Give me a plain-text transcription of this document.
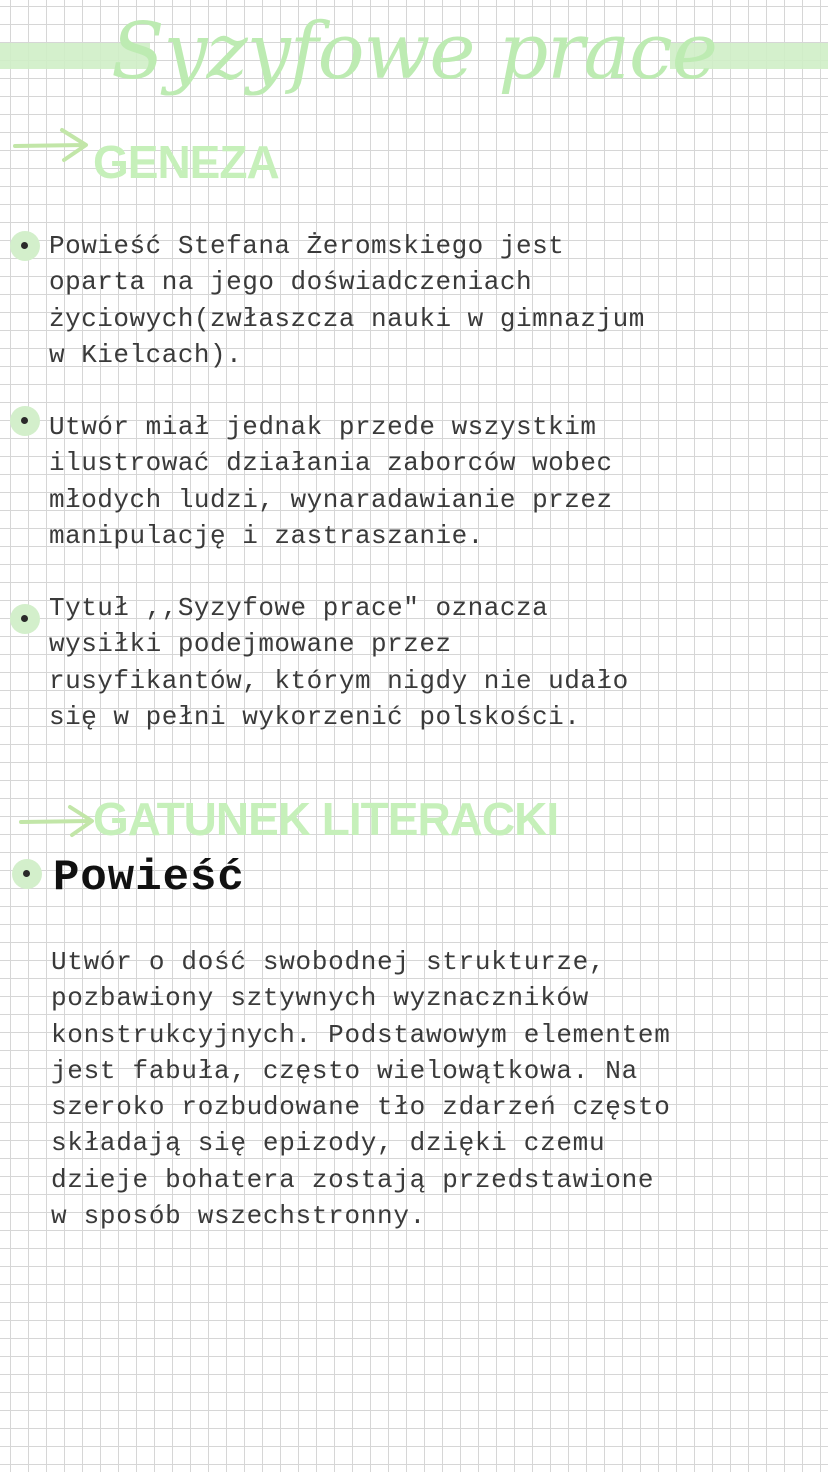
Syzyfowe prace
GENEZA

Powieść Stefana Żeromskiego jest
oparta na jego doświadczeniach
życiowych(zwłaszcza nauki w gimnazjum
w Kielcach).

Utwór miał jednak przede wszystkim
ilustrować działania zaborców wobec
młodych ludzi, wynaradawianie przez
manipulację i zastraszanie.

Tytuł ,,Syzyfowe prace" oznacza
wysiłki podejmowane przez
rusyfikantów, którym nigdy nie udało
się w pełni wykorzenić polskości.

GATUNEK LITERACKI

Powieść

Utwór o dość swobodnej strukturze,
pozbawiony sztywnych wyznaczników
konstrukcyjnych. Podstawowym elementem
jest fabuła, często wielowątkowa. Na
szeroko rozbudowane tło zdarzeń często
składają się epizody, dzięki czemu
dzieje bohatera zostają przedstawione
w sposób wszechstronny.
